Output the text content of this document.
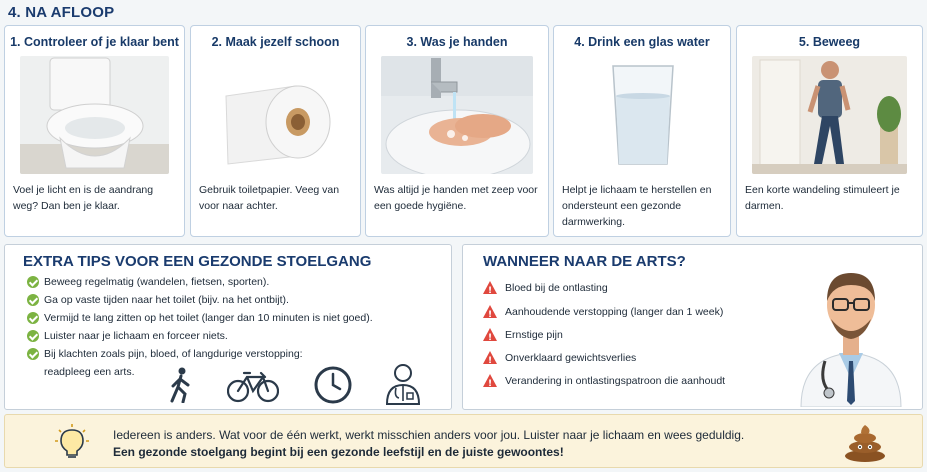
4. NA AFLOOP
1. Controleer of je klaar bent
Voel je licht en is de aandrang weg? Dan ben je klaar.
2. Maak jezelf schoon
Gebruik toiletpapier. Veeg van voor naar achter.
3. Was je handen
Was altijd je handen met zeep voor een goede hygiëne.
4. Drink een glas water
Helpt je lichaam te herstellen en ondersteunt een gezonde darmwerking.
5. Beweeg
Een korte wandeling stimuleert je darmen.
EXTRA TIPS VOOR EEN GEZONDE STOELGANG
Beweeg regelmatig (wandelen, fietsen, sporten).
Ga op vaste tijden naar het toilet (bijv. na het ontbijt).
Vermijd te lang zitten op het toilet (langer dan 10 minuten is niet goed).
Luister naar je lichaam en forceer niets.
Bij klachten zoals pijn, bloed, of langdurige verstopping:
readpleeg een arts.
WANNEER NAAR DE ARTS?
!
Bloed bij de ontlasting
!
Aanhoudende verstopping (langer dan 1 week)
!
Ernstige pijn
!
Onverklaard gewichtsverlies
!
Verandering in ontlastingspatroon die aanhoudt
Iedereen is anders. Wat voor de één werkt, werkt misschien anders voor jou. Luister naar je lichaam en wees geduldig.
Een gezonde stoelgang begint bij een gezonde leefstijl en de juiste gewoontes!
